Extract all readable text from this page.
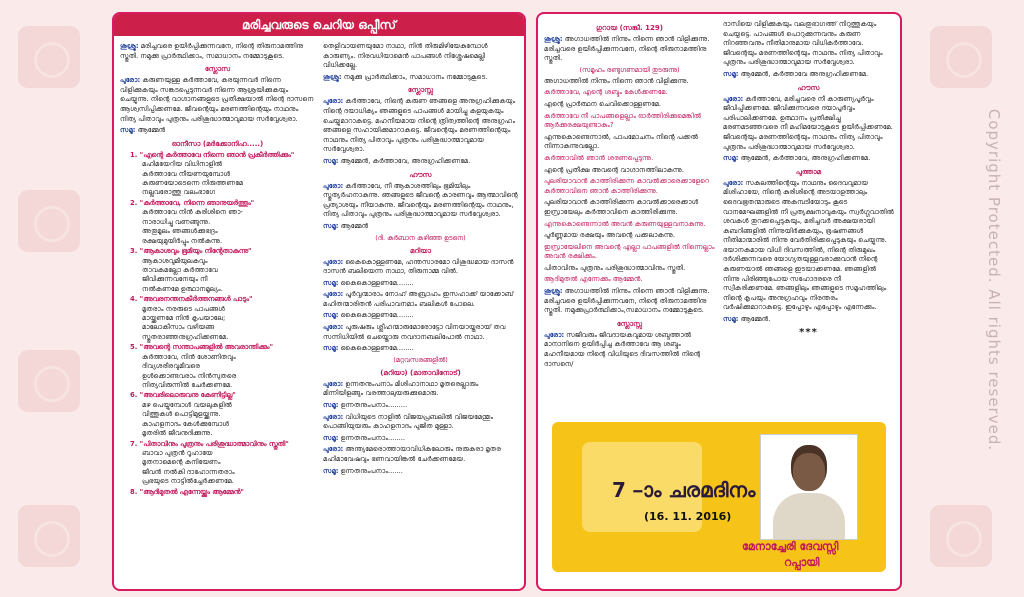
Copyright Protected. All rights reserved.
മരിച്ചവരുടെ ചെറിയ ഒപ്പീസ്

ശുശ്രൂ: മരിച്ചവരെ ഉയിർപ്പിക്കുന്നവനേ, നിന്റെ തിരുനാമത്തിനു സ്തുതി. നമുക്കു പ്രാർത്ഥിക്കാം, സമാധാനം നമ്മോടുകൂടെ.

സ്ലോസ

പുരോ: കരുണയുള്ള കർത്താവേ, കരയുന്നവർ നിന്നെ വിളിക്കുകയും സങ്കടപ്പെടുന്നവർ നിന്നെ ആശ്രയിക്കുകയും ചെയ്യുന്നു. നിന്റെ വാഗ്ദാനങ്ങളുടെ പ്രതീക്ഷയാൽ നിന്റെ ദാസനെ ആശ്വസിപ്പിക്കണമേ. ജീവന്റെയും മരണത്തിന്റെയും നാഥനും നിത്യ പിതാവും പുത്രനും പരിശുദ്ധാത്മാവുമായ സർവ്വേശ്വരാ.

സമൂ: ആമ്മേൻ

ഓനീസാ (മർക്കോനിഹ.....)
1. "എന്റെ കർത്താവേ നിന്നെ ഞാൻ പ്രകീർത്തിക്കും"
മഹിമയേറിയ വിധിനാളിൽ
കർത്താവേ നീയണയുമ്പോൾ
കരുണയോടെന്നെ നിരുത്തണമേ
നല്ലവരോത്തു വലംഭാഗേ
2. "കർത്താവേ, നിന്നെ ഞാനുയർത്തും"
കർത്താവേ നിൻ കുരിശിനെ ഞാ-
നാരാധിച്ചു വണങ്ങുന്നു.
അതുമൂലം ഞങ്ങൾക്കുഭദ്രം
രക്ഷയുമുയിർപ്പും നൽകുന്നു.
3. "ആകാശവും ഭൂമിയും നിന്റേതാകുന്നു"
ആകാശവുമീയുലകവും
താവകമല്ലോ കർത്താവേ
ജീവിക്കുന്നവനേയും നീ
നൽകണമേ ഉത്ഥാനമൂല്യം.
4. "അവരനന്തനകീർത്തനങ്ങൾ പാടും"
മൃതരാം നരരുടെ പാപങ്ങൾ
മായ്ക്കണമേ നിൻ കൃപയാലേ;
മാലോകീസാം വഴിയങ്ങ
സ്തുതരാഞ്ഞനുഗ്രഹിക്കണമേ.
5. "അവന്റെ സന്താപങ്ങളിൽ അവരാന്തിക്കും"
കർത്താവേ, നിൻ ശോണിതവും
ദിവ്യശരീരവുമീവരെ
ഉൾക്കൊണ്ടവരാം നിൻസുതരെ
നിത്യവിരുന്നിൽ ചേർക്കണമേ.
6. "അവരിലൊരുവനു കേണിട്ടില്ല"
മഴ പെയ്യുമ്പോൾ വയലുകളിൽ
വിത്തുകൾ പൊട്ടിമുളയ്ക്കുന്നു.
കാഹളനാദം കേൾക്കുമ്പോൾ
മൃതരിൽ ജീവനുദിക്കുന്നു.
7. "പിതാവിനും പുത്രനും പരിശുദ്ധാത്മാവിനും സ്തുതി"
ബാവാ പുത്രൻ റൂഹായേ
മൃതനാമെന്റെ കനിയേണം
ജീവൻ നൽകി ദാഹോന്നതരാം
പ്രഭയുടെ നാട്ടിൽച്ചേർക്കണമേ.
8. "ആദിമുതൽ എന്നേയ്ക്കും ആമ്മേൻ"

തെളിവായണയുമോ നാഥാ, നിൻ തിരുമിഴിയേകുമ്പോൾ കാരുണ്യം. നിരവധിയാമെൻ പാപങ്ങൾ നിശ്ശേഷമെല്ലി വിധിക്കല്ലേ.

ശുശ്രൂ: നമുക്കു പ്രാർത്ഥിക്കാം, സമാധാനം നമ്മോടുകൂടെ.

സ്ലോസ്സ

പുരോ: കർത്താവേ, നിന്റെ കരുണ ഞങ്ങളെ അനുഗ്രഹിക്കുകയും നിന്റെ ദയാധിക്യം ഞങ്ങളുടെ പാപങ്ങൾ മായിച്ചു കളയുകയും ചെയ്യുമാറാകട്ടെ. മഹനീയമായ നിന്റെ ത്രിത്വത്തിന്റെ അനുഗ്രഹം ഞങ്ങളെ സഹായിക്കുമാറാകട്ടെ. ജീവന്റെയും മരണത്തിന്റെയും നാഥനും നിത്യ പിതാവും പുത്രനും പരിശുദ്ധാത്മാവുമായ സർവ്വേശ്വരാ.

സമൂ: ആമ്മേൻ, കർത്താവേ, അനുഗ്രഹിക്കണമേ.

ഹൗസ

പുരോ: കർത്താവേ, നീ ആകാശത്തിലും ഭൂമിയിലും സ്തുത്യർഹനാകുന്നു. ഞങ്ങളുടെ ജീവന്റെ കാരണവും ആത്മാവിന്റെ പ്രത്യാശയും നീയാകുന്നു. ജീവന്റെയും മരണത്തിന്റെയും നാഥനും, നിത്യ പിതാവും പുത്രനും പരിശുദ്ധാത്മാവുമായ സർവ്വേശ്വരാ.

സമൂ: ആമ്മേൻ

(ദി. കുർബാന കഴിഞ്ഞ ഉടനെ)
മറിയാ

പുരോ: കൈകൊള്ളണമേ, ഹന്തസാരമോ വിശുദ്ധമായ ദാസൻ ദാസൻ ബലിയെന്ന നാഥാ, തിരുനാമ്മ വിൽ.

സമൂ: കൈകൊള്ളണമേ........

പുരോ: പൂർവ്വന്മാരാം നോഹ് അബ്രാഹം ഇസഹാക്ക് യാക്കോബ് മഹിതന്മാരിതൻ പരിപാവനമാം ബലികൾ പോലെ.

സമൂ: കൈകൊള്ളണമേ........

പുരോ: പുരുഷരും ശ്ലീഹന്മാരുമോരോട്ടോ വിനയായ്തരായ് തവ സന്നിധിയിൽ ചെയ്തൊരു നവദാനബലിപോൽ നാഥാ.

സമൂ: കൈകൊള്ളണമേ........

(മറ്റവസരങ്ങളിൽ)
(മറിയാ) (മാതാവിനോട്)

പുരോ: ഉന്നതനുംപനാം മിശിഹാനാഥാ മൃതരെല്ലാരും മിന്നിയിളങ്ങും വരത്താലുയരുക്കുമൊരു.

സമൂ: ഉന്നതനുംപനാം.........

പുരോ: വിധിയുടെ നാളിൽ വിജയപ്രബലിൽ വിജയമേന്തും പൊങ്ങിയുയരും കാഹളനാദം പുജിത മുള്ളാ.

സമൂ: ഉന്നതനുംപനാം........

പുരോ: അന്ത്യമേരൊത്തായാവിധികലോരും നുരുകരാ മൃതര മഹിമാവേഷവും ഭണവായിങ്കൽ ചേർക്കണമേയ.

സമൂ: ഉന്നതനുംപനാം.......

ഗുറായ (സങ്കീ. 129)

ശുശ്രൂ: അഗാധത്തിൽ നിന്നും നിന്നെ ഞാൻ വിളിക്കുന്നു. മരിച്ചവരെ ഉയിർപ്പിക്കുന്നവനേ, നിന്റെ തിരുനാമത്തിനു സ്തുതി.

(സമൂഹം രണ്ടുഗണമായി തുടരുന്നു)

അഗാധത്തിൽ നിന്നും നിന്നെ ഞാൻ വിളിക്കുന്നു.

കർത്താവേ, എന്റെ ശബ്ദം കേൾക്കണമേ.

എന്റെ പ്രാർത്ഥന ചെവിക്കൊള്ളണമേ.

കർത്താവേ നീ പാപങ്ങളെല്ലാം ഓർത്തിരിക്കുമെങ്കിൽ ആർക്കുരക്ഷയുണ്ടാകും?

എന്നുകൊണ്ടെന്നാൽ, പാപമോചനം നിന്റെ പക്കൽ നിന്നാകുന്നുവല്ലോ.

കർത്താവിൽ ഞാൻ ശരണപ്പെടുന്നു.

എന്റെ പ്രതീക്ഷ അവന്റെ വാഗ്ദാനത്തിലാകുന്നു.

പുലരിയാവാൻ കാത്തിരിക്കുന്ന കാവൽക്കാരെക്കാളേറെ കർത്താവിനെ ഞാൻ കാത്തിരിക്കുന്നു.

പുലരിയാവാൻ കാത്തിരിക്കുന്ന കാവൽക്കാരെക്കാൾ ഇസ്രായേലും കർത്താവിനെ കാത്തിരിക്കുന്നു.

എന്നുകൊണ്ടെന്നാൽ അവൻ കരുണയുള്ളവനാകുന്നു.

പൂർണ്ണമായ രക്ഷയും അവന്റെ പക്കലാകുന്നു.

ഇസ്രായേലിനെ അവന്റെ എല്ലാ പാപങ്ങളിൽ നിന്നെല്ലാം അവൻ രക്ഷിക്കും.

പിതാവിനും പുത്രനും പരിശുദ്ധാത്മാവിനും സ്തുതി.

ആദിമുതൽ എന്നേക്കും ആമ്മേൻ.

ശുശ്രൂ: അഗാധത്തിൽ നിന്നും നിന്നെ ഞാൻ വിളിക്കുന്നു. മരിച്ചവരെ ഉയിർപ്പിക്കുന്നവനേ, നിന്റെ തിരുനാമത്തിനു സ്തുതി. നമുക്കുപ്രാർത്ഥിക്കാം,സമാധാനം നമ്മോടുകൂടെ.

സ്ലോസ്സ

പുരോ: സജീവരും ജീവദായകവുമായ ശബ്ദത്താൽ മാനാനിനെ ഉയിർപ്പിച്ച കർത്താവേ ആ ശബ്ദം മഹനീയമായ നിന്റെ വിധിയുടെ ദിവസത്തിൽ നിന്റെ ദാസനെ/

ദാസിയെ വിളിക്കുകയും വലതുഭാഗത്ത് നിറുത്തുകയും ചെയ്യട്ടെ. പാപങ്ങൾ പൊറുക്കുന്നവനും കരുണ നിറഞ്ഞവനും നീതിമാനുമായ വിധികർത്താവേ. ജീവന്റെയും മരണത്തിന്റെയും നാഥനും നിത്യ പിതാവും പുത്രനും പരിശുദ്ധാത്മാവുമായ സർവ്വേശ്വരാ.

സമൂ: ആമ്മേൻ, കർത്താവേ അനുഗ്രഹിക്കണമേ.

ഹൗസ

പുരോ: കർത്താവേ, മരിച്ചവരെ നീ കാരുണ്യപൂർവ്വം ജീവിപ്പിക്കണമേ. ജീവിക്കുന്നവരെ ദയാപൂർവ്വം പരിപാലിക്കണമേ. ഉത്ഥാനം പ്രതീക്ഷിച്ചു മരണമടഞ്ഞവരെ നീ മഹിമയോടുകൂടെ ഉയിർപ്പിക്കണമേ. ജീവന്റെയും മരണത്തിന്റെയും നാഥനും നിത്യ പിതാവും പുത്രനും പരിശുദ്ധാത്മാവുമായ സർവ്വേശ്വരാ.

സമൂ: ആമ്മേൻ, കർത്താവേ, അനുഗ്രഹിക്കണമേ.

പുത്താമ

പുരോ: സകലത്തിന്റെയും നാഥനും ദൈവവുമായ മിശിഹായേ, നിന്റെ കുരിശിന്റെ അടയാളത്താലും ദൈവഭൂതന്മാരുടെ അകമ്പടിയോടും കൂടെ വാനമേഘങ്ങളിൽ നീ പ്രത്യക്ഷനാവുകയും സ്വർഗ്ഗവാതിൽ ശവകൾ തുറക്കപ്പെടുകയും, മരിച്ചവർ അക്ഷയരായി കബറിങ്ങളിൽ നിന്നുയിർക്കുകയും, ഭൂഷണങ്ങൾ നീതിമാന്മാരിൽ നിന്നു വേർതിരിക്കപ്പെടുകയും ചെയ്യുന്നു. ഭയാനകമായ വിധി ദിവസത്തിൽ, നിന്റെ തിരുമുഖം ദർശിക്കുന്നവരെ യോഗ്യതയുള്ളവരാക്കുവാൻ നിന്റെ കരുണയാൽ ഞങ്ങളെ ഇടയാക്കണമേ. ഞങ്ങളിൽ നിന്നു പിരിഞ്ഞുപോയ സഹോദരരെ നീ സ്വീകരിക്കണമേ. ഞങ്ങളിലും ഞങ്ങളുടെ സമൂഹത്തിലും നിന്റെ കൃപയും അനുഗ്രഹവും നിരന്തരം വർഷിക്കുമാറാകട്ടെ. ഇപ്പോഴും എപ്പോഴും എന്നേക്കും.

സമൂ: ആമ്മേൻ.

***
7 –ാം ചരമദിനം
(16. 11. 2016)
മേനാച്ചേരി ദേവസ്സി
റപ്പായി
